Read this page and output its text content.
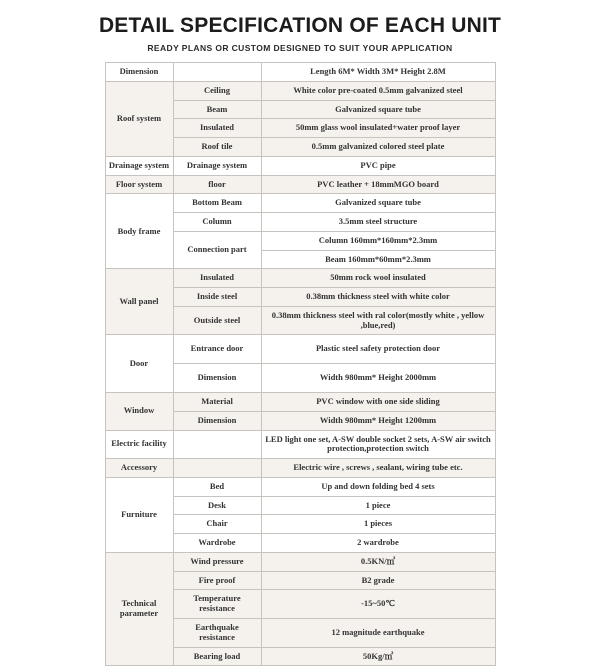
DETAIL SPECIFICATION OF EACH UNIT
READY PLANS OR CUSTOM DESIGNED TO SUIT YOUR APPLICATION
Dimension		Length 6M* Width 3M* Height 2.8M
Roof system	Ceiling	White color pre-coated 0.5mm galvanized steel
	Beam	Galvanized square tube
	Insulated	50mm glass wool insulated+water proof layer
	Roof tile	0.5mm galvanized colored steel plate
Drainage system	Drainage system	PVC pipe
Floor system	floor	PVC leather + 18mmMGO board
Body frame	Bottom Beam	Galvanized square tube
	Column	3.5mm steel structure
	Connection part	Column 160mm*160mm*2.3mm
		Beam 160mm*60mm*2.3mm
Wall panel	Insulated	50mm rock wool insulated
	Inside steel	0.38mm thickness steel with white color
	Outside steel	0.38mm thickness steel with ral color(mostly white , yellow ,blue,red)
Door	Entrance door	Plastic steel safety protection door
	Dimension	Width 980mm* Height 2000mm
Window	Material	PVC window with one side sliding
	Dimension	Width 980mm* Height 1200mm
Electric facility		LED light one set, A-SW double socket 2 sets, A-SW air switch protection,protection switch
Accessory		Electric wire , screws , sealant, wiring tube etc.
Furniture	Bed	Up and down folding bed 4 sets
	Desk	1 piece
	Chair	1 pieces
	Wardrobe	2 wardrobe
Technical parameter	Wind pressure	0.5KN/㎡
	Fire proof	B2 grade
	Temperature resistance	-15~50℃
	Earthquake resistance	12 magnitude earthquake
	Bearing load	50Kg/㎡
